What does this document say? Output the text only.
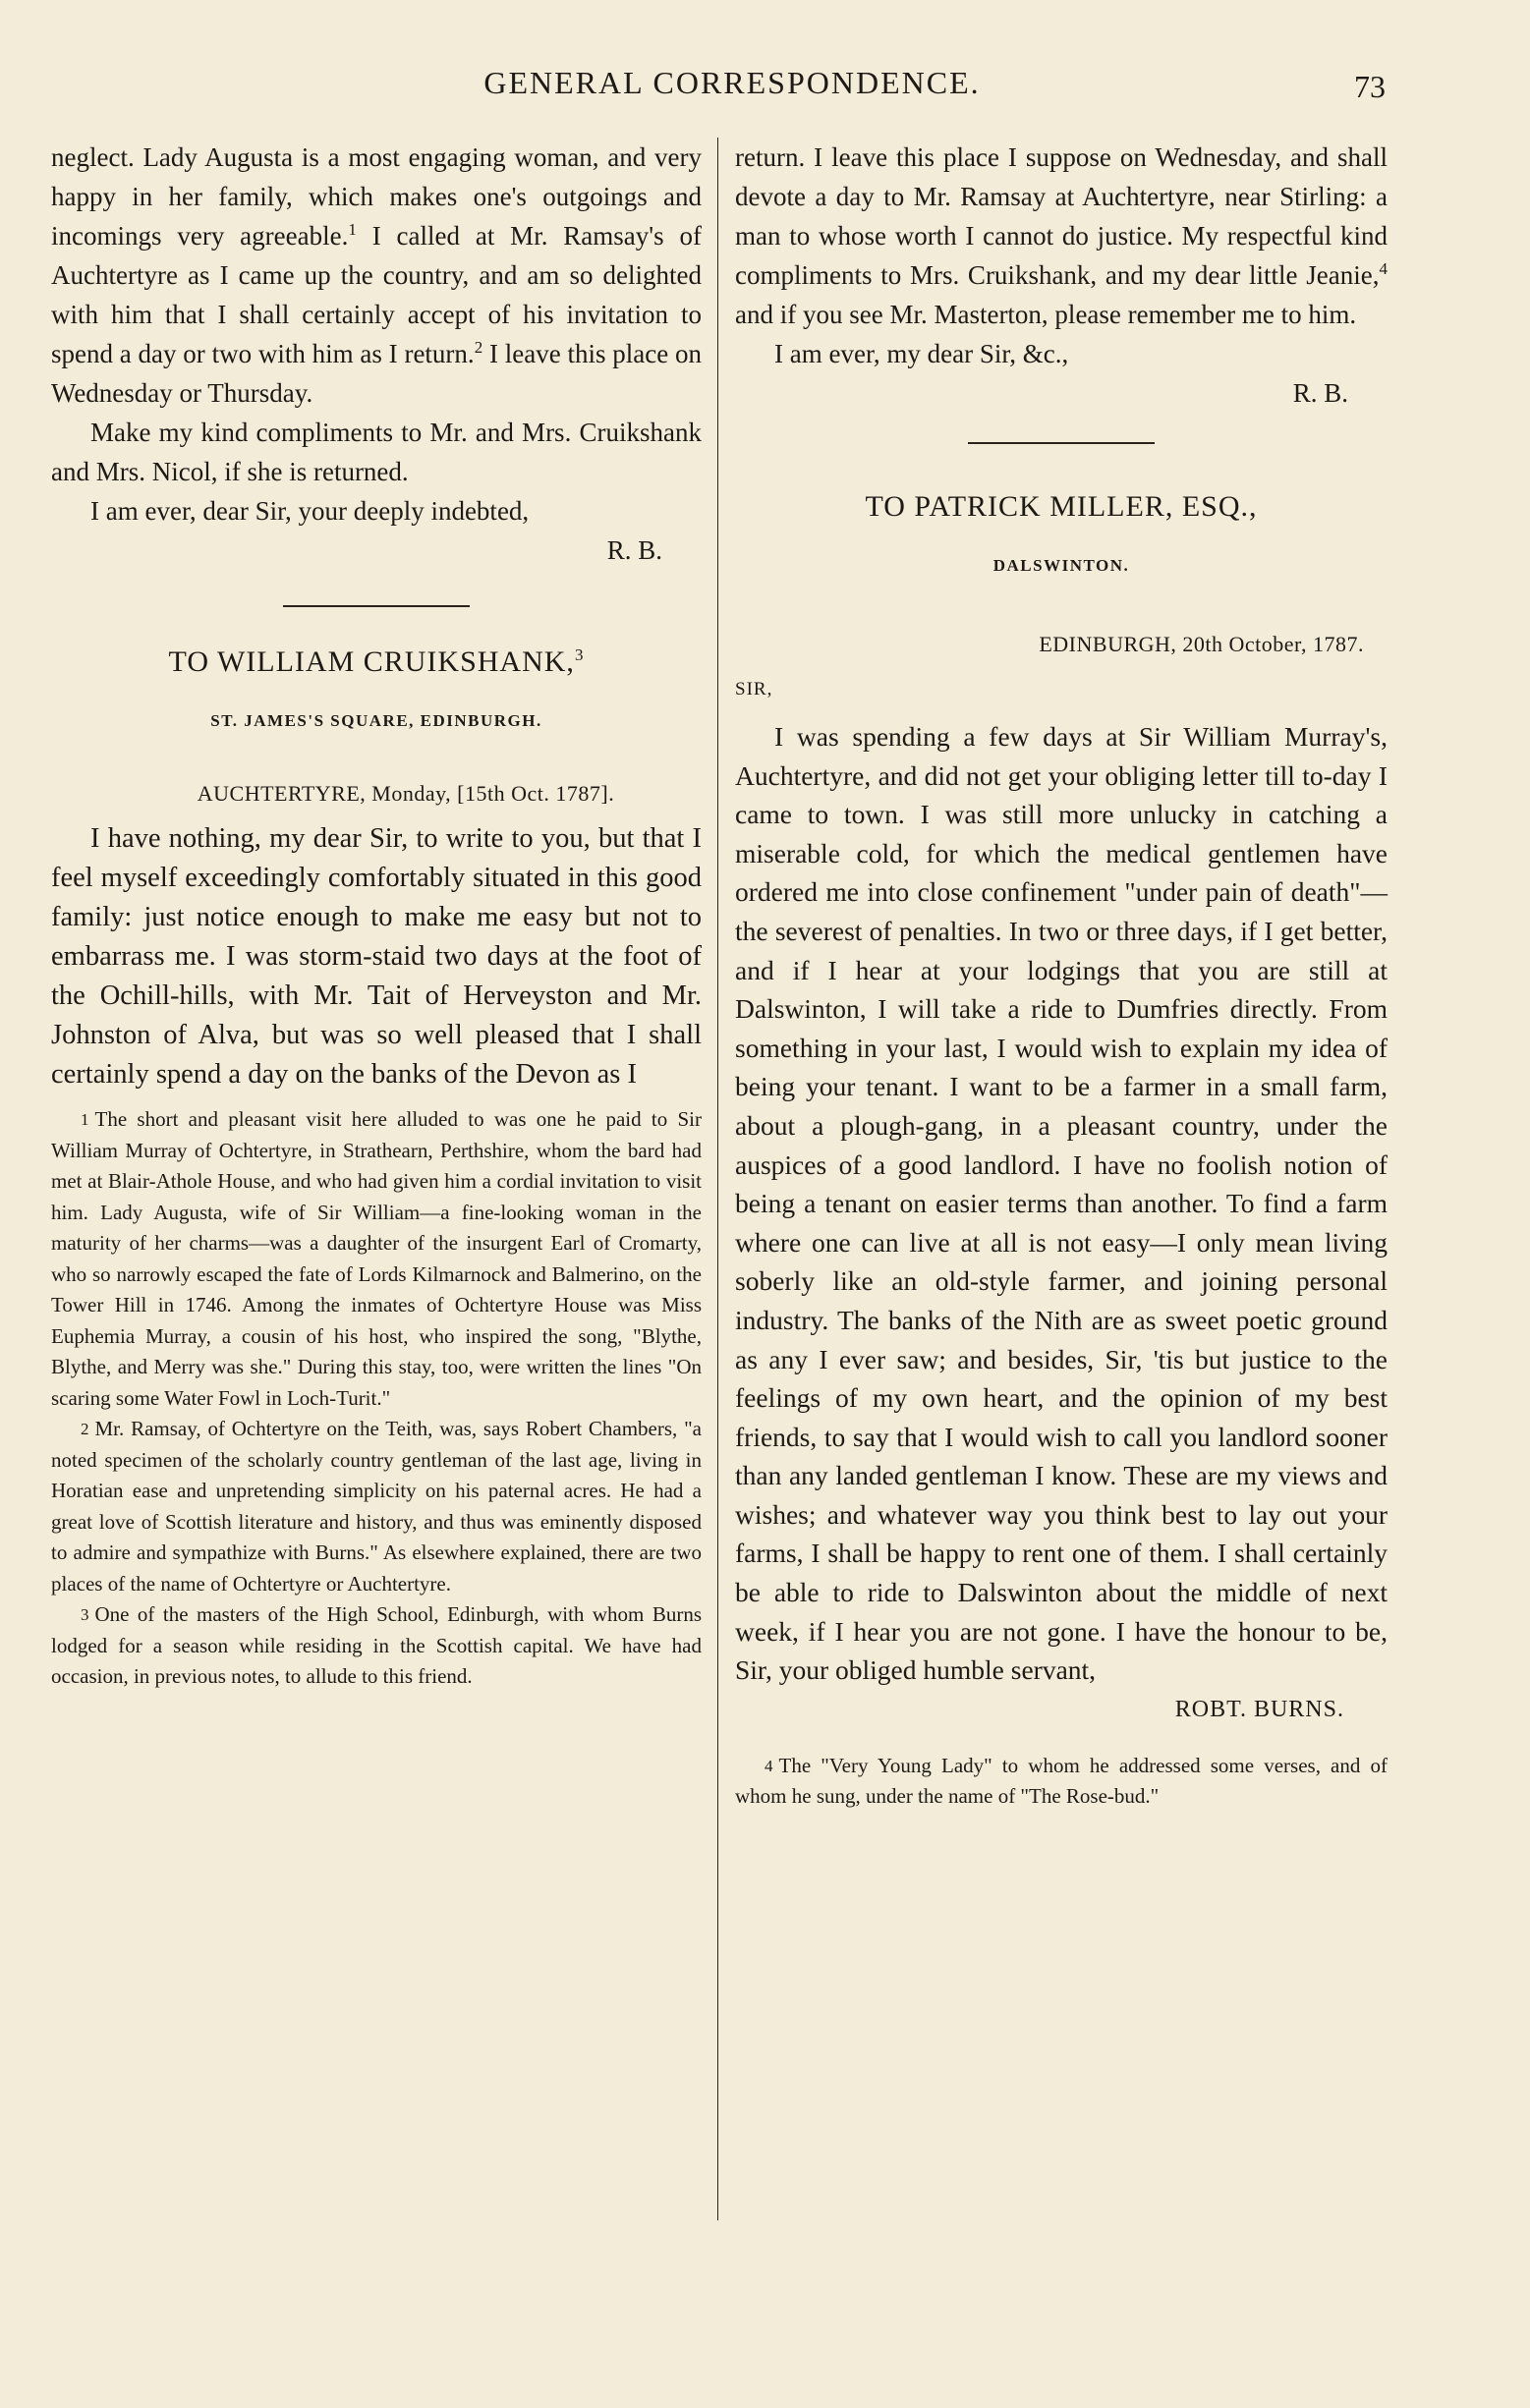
GENERAL CORRESPONDENCE.	73

neglect. Lady Augusta is a most engaging woman, and very happy in her family, which makes one's outgoings and incomings very agreeable.$^1$ I called at Mr. Ramsay's of Auchtertyre as I came up the country, and am so delighted with him that I shall certainly accept of his invitation to spend a day or two with him as I return.$^2$ I leave this place on Wednesday or Thursday.

Make my kind compliments to Mr. and Mrs. Cruikshank and Mrs. Nicol, if she is returned.

I am ever, dear Sir, your deeply indebted,

R. B.

TO WILLIAM CRUIKSHANK,$^3$
ST. JAMES'S SQUARE, EDINBURGH.
AUCHTERTYRE, Monday, [15th Oct. 1787].

I have nothing, my dear Sir, to write to you, but that I feel myself exceedingly comfortably situated in this good family: just notice enough to make me easy but not to embarrass me. I was storm-staid two days at the foot of the Ochill-hills, with Mr. Tait of Herveyston and Mr. Johnston of Alva, but was so well pleased that I shall certainly spend a day on the banks of the Devon as I

1 The short and pleasant visit here alluded to was one he paid to Sir William Murray of Ochtertyre, in Strathearn, Perthshire, whom the bard had met at Blair-Athole House, and who had given him a cordial invitation to visit him. Lady Augusta, wife of Sir William—a fine-looking woman in the maturity of her charms—was a daughter of the insurgent Earl of Cromarty, who so narrowly escaped the fate of Lords Kilmarnock and Balmerino, on the Tower Hill in 1746. Among the inmates of Ochtertyre House was Miss Euphemia Murray, a cousin of his host, who inspired the song, "Blythe, Blythe, and Merry was she." During this stay, too, were written the lines "On scaring some Water Fowl in Loch-Turit."

2 Mr. Ramsay, of Ochtertyre on the Teith, was, says Robert Chambers, "a noted specimen of the scholarly country gentleman of the last age, living in Horatian ease and unpretending simplicity on his paternal acres. He had a great love of Scottish literature and history, and thus was eminently disposed to admire and sympathize with Burns." As elsewhere explained, there are two places of the name of Ochtertyre or Auchtertyre.

3 One of the masters of the High School, Edinburgh, with whom Burns lodged for a season while residing in the Scottish capital. We have had occasion, in previous notes, to allude to this friend.

return. I leave this place I suppose on Wednesday, and shall devote a day to Mr. Ramsay at Auchtertyre, near Stirling: a man to whose worth I cannot do justice. My respectful kind compliments to Mrs. Cruikshank, and my dear little Jeanie,$^4$ and if you see Mr. Masterton, please remember me to him.

I am ever, my dear Sir, &c.,

R. B.

TO PATRICK MILLER, ESQ.,
DALSWINTON.
EDINBURGH, 20th October, 1787.
SIR,

I was spending a few days at Sir William Murray's, Auchtertyre, and did not get your obliging letter till to-day I came to town. I was still more unlucky in catching a miserable cold, for which the medical gentlemen have ordered me into close confinement "under pain of death"—the severest of penalties. In two or three days, if I get better, and if I hear at your lodgings that you are still at Dalswinton, I will take a ride to Dumfries directly. From something in your last, I would wish to explain my idea of being your tenant. I want to be a farmer in a small farm, about a plough-gang, in a pleasant country, under the auspices of a good landlord. I have no foolish notion of being a tenant on easier terms than another. To find a farm where one can live at all is not easy—I only mean living soberly like an old-style farmer, and joining personal industry. The banks of the Nith are as sweet poetic ground as any I ever saw; and besides, Sir, 'tis but justice to the feelings of my own heart, and the opinion of my best friends, to say that I would wish to call you landlord sooner than any landed gentleman I know. These are my views and wishes; and whatever way you think best to lay out your farms, I shall be happy to rent one of them. I shall certainly be able to ride to Dalswinton about the middle of next week, if I hear you are not gone. I have the honour to be, Sir, your obliged humble servant,

ROBT. BURNS.

4 The "Very Young Lady" to whom he addressed some verses, and of whom he sung, under the name of "The Rose-bud."
